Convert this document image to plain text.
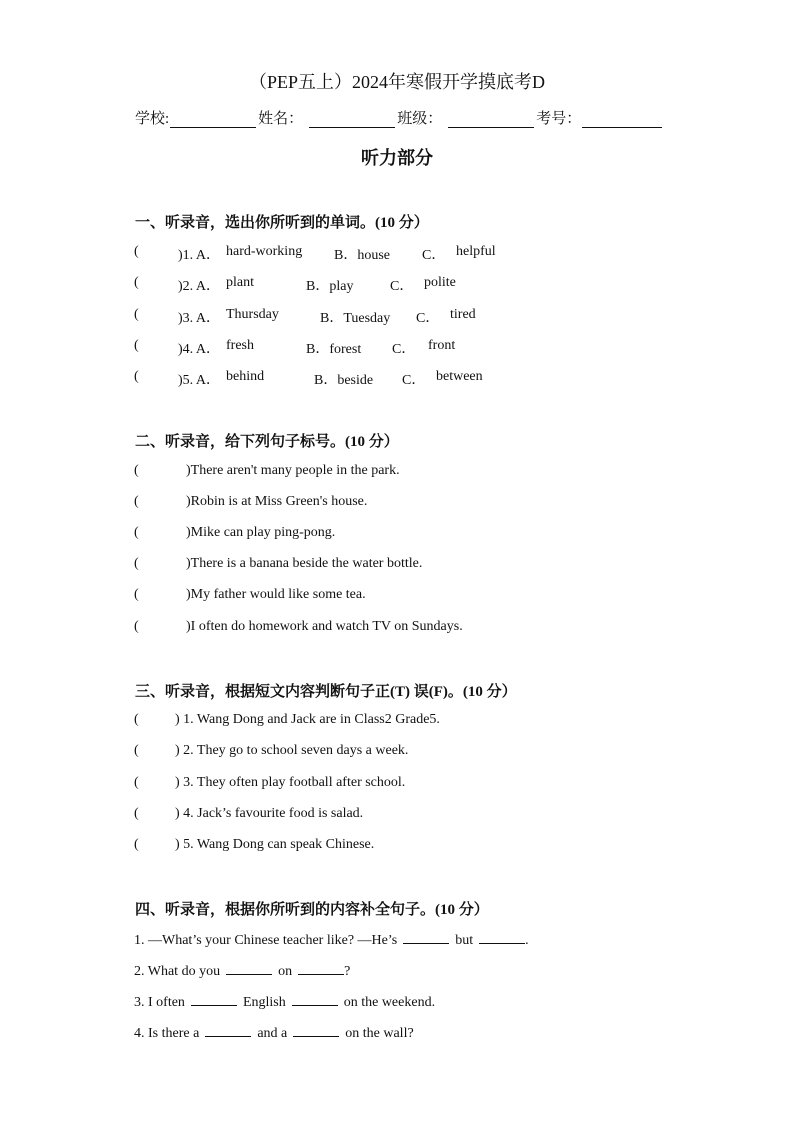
（PEP五上）2024年寒假开学摸底考D
学校:	姓名：	班级：	考号：
听力部分
一、听录音，选出你所听到的单词。(10 分）
(	)1. A． hard-working B．house C． helpful
(	)2. A． plant	B．play	C． polite
(	)3. A． Thursday	B．Tuesday C． tired
(	)4. A． fresh	B．forest C． front
(	)5. A． behind	B．beside C． between
二、听录音，给下列句子标号。(10 分）
(	)There aren't many people in the park.
(	)Robin is at Miss Green's house.
(	)Mike can play ping-pong.
(	)There is a banana beside the water bottle.
(	)My father would like some tea.
(	)I often do homework and watch TV on Sundays.
三、听录音，根据短文内容判断句子正(T) 误(F)。(10 分）
(	) 1. Wang Dong and Jack are in Class2 Grade5.
(	) 2. They go to school seven days a week.
(	) 3. They often play football after school.
(	) 4. Jack’s favourite food is salad.
(	) 5. Wang Dong can speak Chinese.
四、听录音，根据你所听到的内容补全句子。(10 分）
1. —What’s your Chinese teacher like? —He’s	but	.
2. What do you	on	?
3. I often	English	on the weekend.
4. Is there a	and a	on the wall?
